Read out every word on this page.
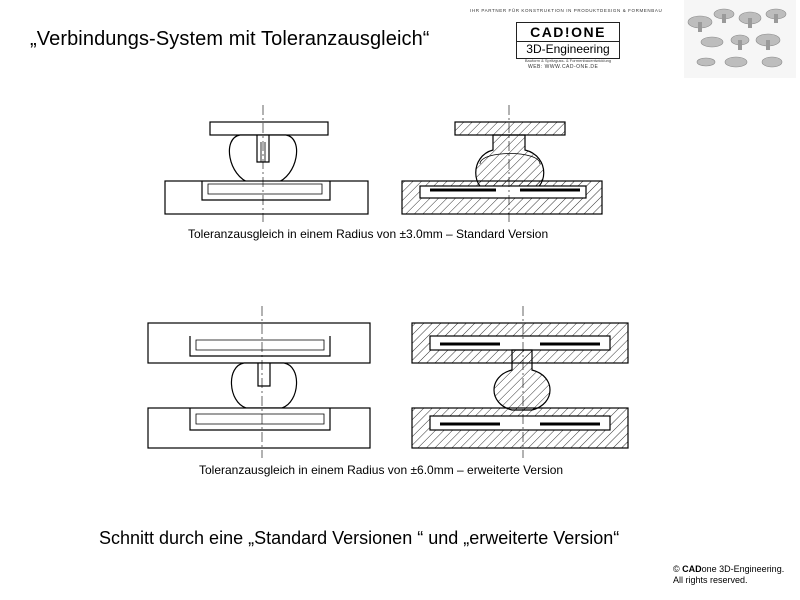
„Verbindungs-System mit Toleranzausgleich“
IHR PARTNER FÜR KONSTRUKTION IN PRODUKTDESIGN & FORMENBAU
CAD!ONE
3D-Engineering
Bauform & Spritzguss- & Formenbauentwicklung
WEB: WWW.CAD-ONE.DE
Toleranzausgleich in einem Radius von ±3.0mm – Standard Version
Toleranzausgleich in einem Radius von ±6.0mm – erweiterte Version
Schnitt durch eine „Standard Versionen “ und „erweiterte Version“
© CADone 3D-Engineering.
All rights reserved.
